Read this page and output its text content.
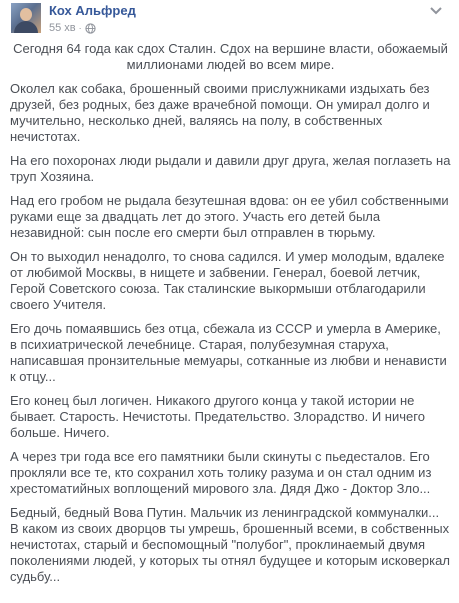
Кох Альфред
55 хв ·

Сегодня 64 года как сдох Сталин. Сдох на вершине власти, обожаемый миллионами людей во всем мире.

Околел как собака, брошенный своими прислужниками издыхать без друзей, без родных, без даже врачебной помощи. Он умирал долго и мучительно, несколько дней, валяясь на полу, в собственных нечистотах.

На его похоронах люди рыдали и давили друг друга, желая поглазеть на труп Хозяина.

Над его гробом не рыдала безутешная вдова: он ее убил собственными руками еще за двадцать лет до этого. Участь его детей была незавидной: сын после его смерти был отправлен в тюрьму.

Он то выходил ненадолго, то снова садился. И умер молодым, вдалеке от любимой Москвы, в нищете и забвении. Генерал, боевой летчик, Герой Советского союза. Так сталинские выкормыши отблагодарили своего Учителя.

Его дочь помаявшись без отца, сбежала из СССР и умерла в Америке, в психиатрической лечебнице. Старая, полубезумная старуха, написавшая пронзительные мемуары, сотканные из любви и ненависти к отцу...

Его конец был логичен. Никакого другого конца у такой истории не бывает. Старость. Нечистоты. Предательство. Злорадство. И ничего больше. Ничего.

А через три года все его памятники были скинуты с пьедесталов. Его прокляли все те, кто сохранил хоть толику разума и он стал одним из хрестоматийных воплощений мирового зла. Дядя Джо - Доктор Зло...

Бедный, бедный Вова Путин. Мальчик из ленинградской коммуналки... В каком из своих дворцов ты умрешь, брошенный всеми, в собственных нечистотах, старый и беспомощный "полубог", проклинаемый двумя поколениями людей, у которых ты отнял будущее и которым исковеркал судьбу...
